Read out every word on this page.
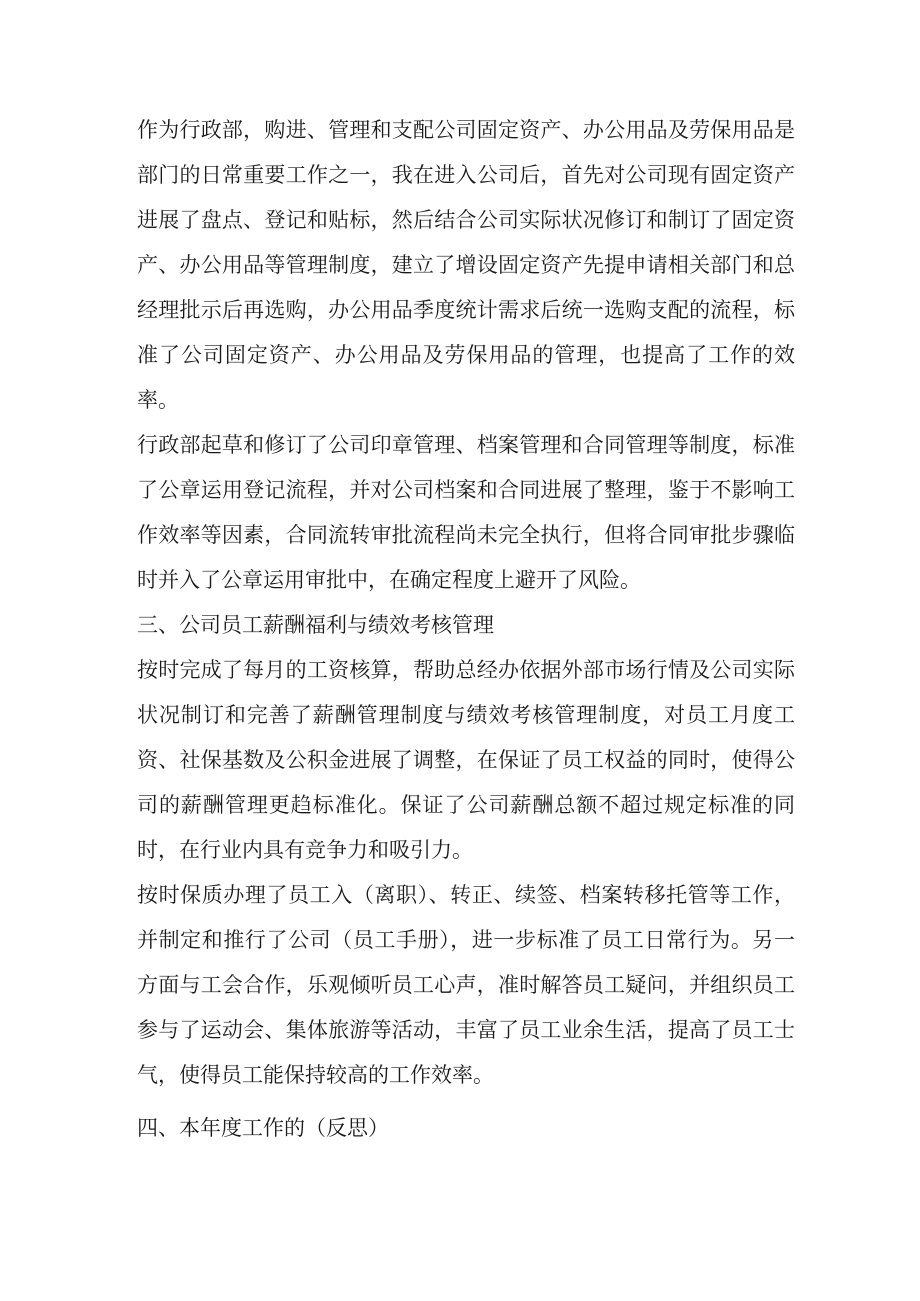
作为行政部，购进、管理和支配公司固定资产、办公用品及劳保用品是部门的日常重要工作之一，我在进入公司后，首先对公司现有固定资产进展了盘点、登记和贴标，然后结合公司实际状况修订和制订了固定资产、办公用品等管理制度，建立了增设固定资产先提申请相关部门和总经理批示后再选购，办公用品季度统计需求后统一选购支配的流程，标准了公司固定资产、办公用品及劳保用品的管理，也提高了工作的效率。

行政部起草和修订了公司印章管理、档案管理和合同管理等制度，标准了公章运用登记流程，并对公司档案和合同进展了整理，鉴于不影响工作效率等因素，合同流转审批流程尚未完全执行，但将合同审批步骤临时并入了公章运用审批中，在确定程度上避开了风险。

三、公司员工薪酬福利与绩效考核管理

按时完成了每月的工资核算，帮助总经办依据外部市场行情及公司实际状况制订和完善了薪酬管理制度与绩效考核管理制度，对员工月度工资、社保基数及公积金进展了调整，在保证了员工权益的同时，使得公司的薪酬管理更趋标准化。保证了公司薪酬总额不超过规定标准的同时，在行业内具有竞争力和吸引力。

按时保质办理了员工入（离职）、转正、续签、档案转移托管等工作，并制定和推行了公司（员工手册），进一步标准了员工日常行为。另一方面与工会合作，乐观倾听员工心声，准时解答员工疑问，并组织员工参与了运动会、集体旅游等活动，丰富了员工业余生活，提高了员工士气，使得员工能保持较高的工作效率。

四、本年度工作的（反思）
